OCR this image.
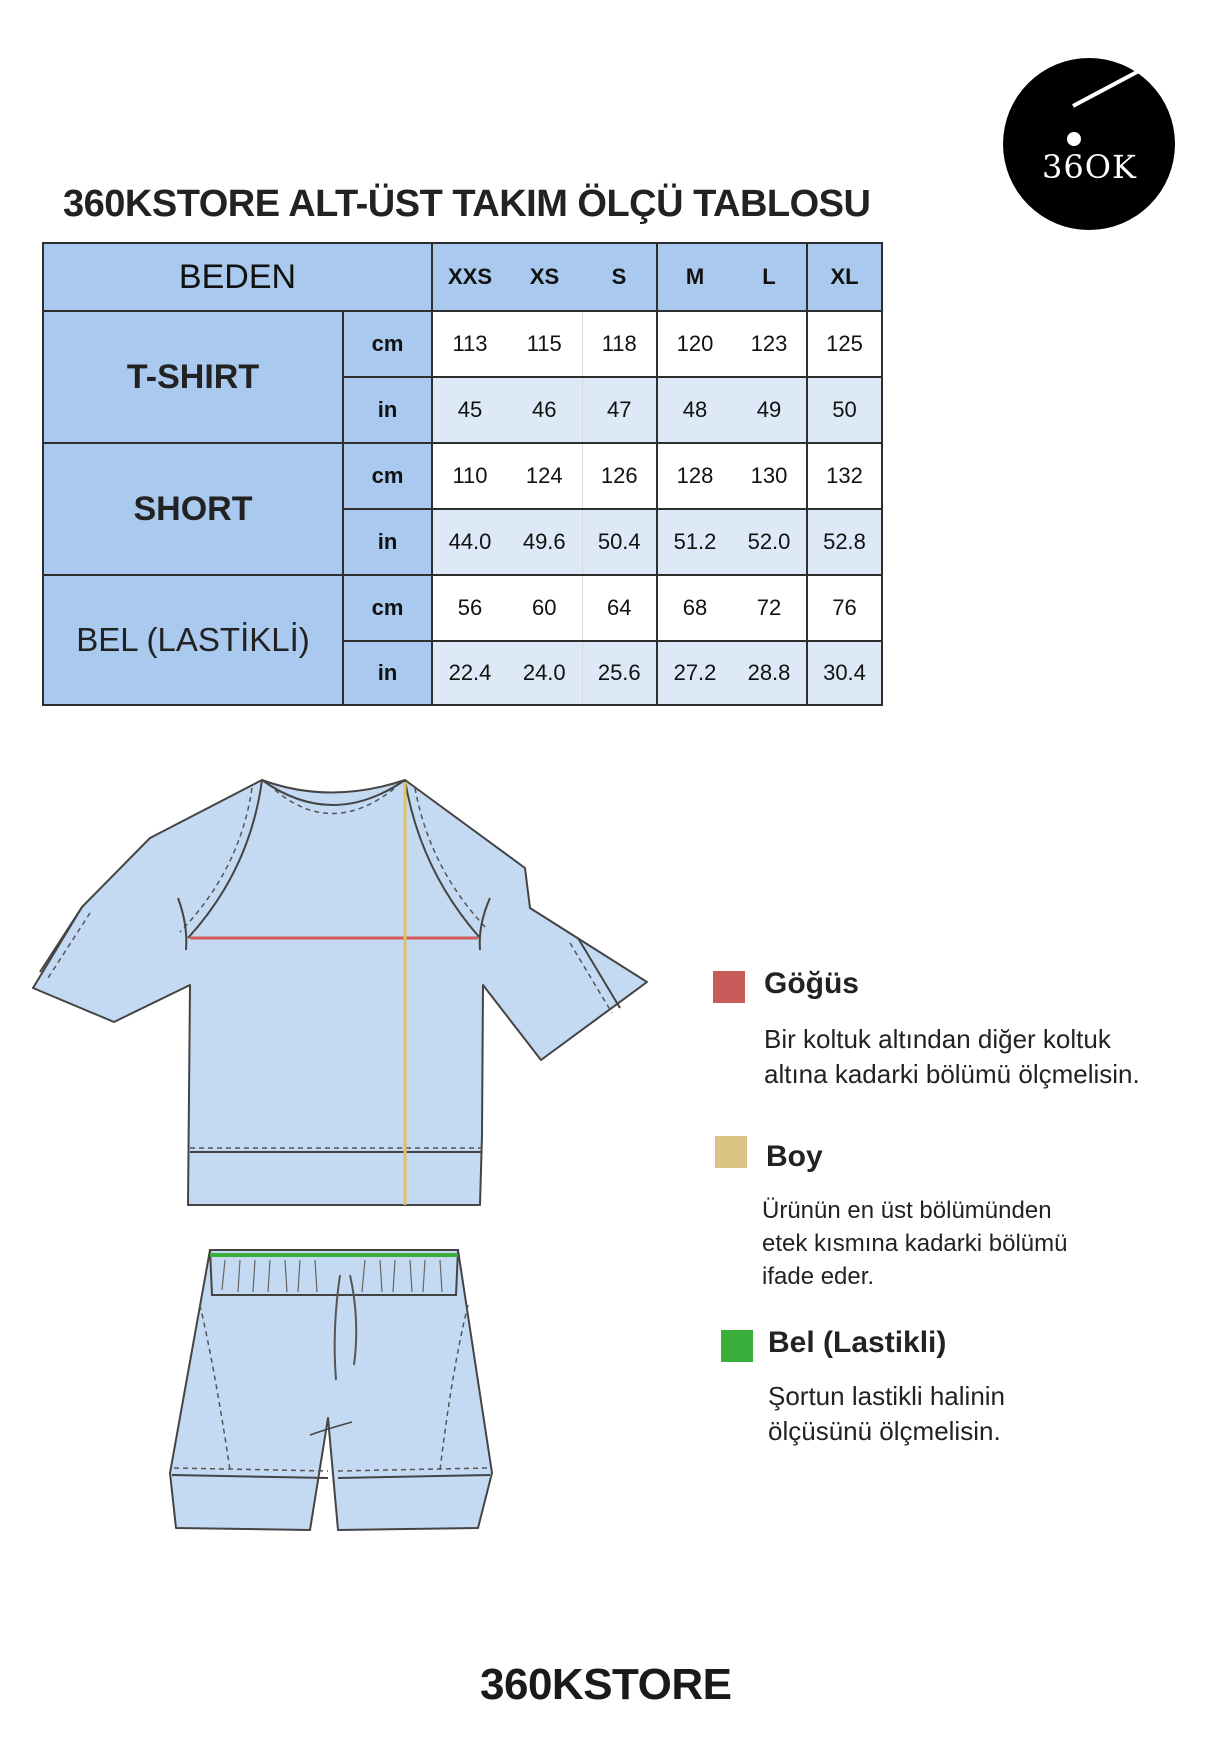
36OK
360KSTORE ALT-ÜST TAKIM ÖLÇÜ TABLOSU
BEDEN		XXS	XS	S	M	L	XL
T-SHIRT	cm	113	115	118	120	123	125
	in	45	46	47	48	49	50
SHORT	cm	110	124	126	128	130	132
	in	44.0	49.6	50.4	51.2	52.0	52.8
BEL (LASTİKLİ)	cm	56	60	64	68	72	76
	in	22.4	24.0	25.6	27.2	28.8	30.4
Göğüs
Bir koltuk altından diğer koltuk
altına kadarki bölümü ölçmelisin.
Boy
Ürünün en üst bölümünden
etek kısmına kadarki bölümü
ifade eder.
Bel (Lastikli)
Şortun lastikli halinin
ölçüsünü ölçmelisin.
360KSTORE
